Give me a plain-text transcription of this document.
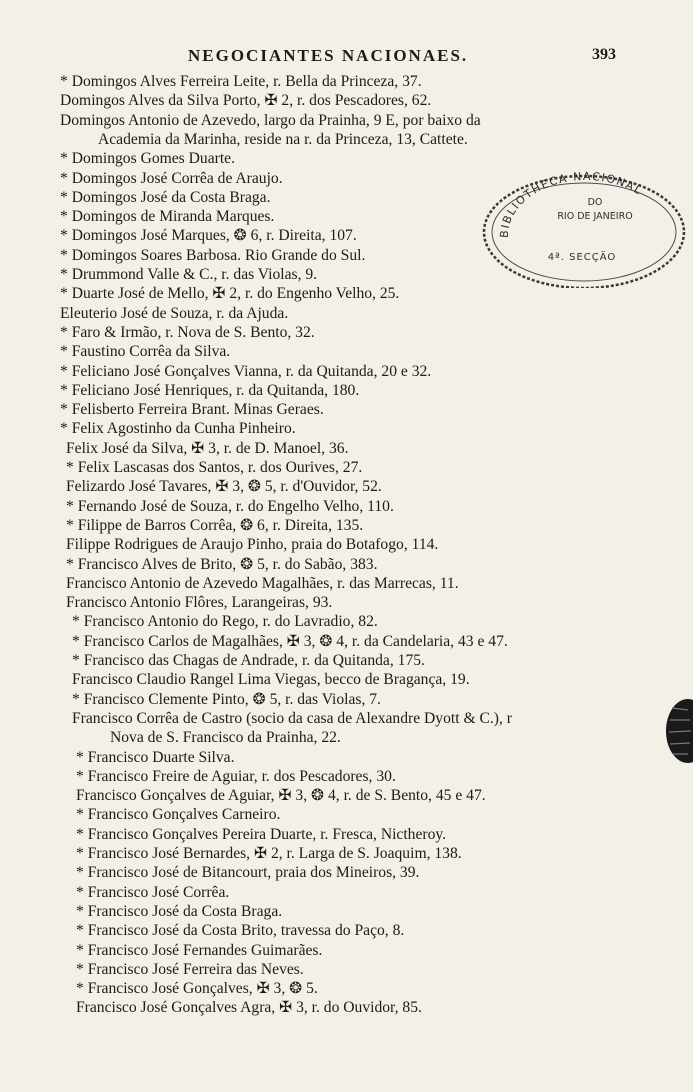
NEGOCIANTES NACIONAES.	393
* Domingos Alves Ferreira Leite, r. Bella da Princeza, 37.
Domingos Alves da Silva Porto, ✠ 2, r. dos Pescadores, 62.
Domingos Antonio de Azevedo, largo da Prainha, 9 E, por baixo da
Academia da Marinha, reside na r. da Princeza, 13, Cattete.
* Domingos Gomes Duarte.
* Domingos José Corrêa de Araujo.
* Domingos José da Costa Braga.
* Domingos de Miranda Marques.
* Domingos José Marques, ❂ 6, r. Direita, 107.
* Domingos Soares Barbosa. Rio Grande do Sul.
* Drummond Valle & C., r. das Violas, 9.
* Duarte José de Mello, ✠ 2, r. do Engenho Velho, 25.
Eleuterio José de Souza, r. da Ajuda.
* Faro & Irmão, r. Nova de S. Bento, 32.
* Faustino Corrêa da Silva.
* Feliciano José Gonçalves Vianna, r. da Quitanda, 20 e 32.
* Feliciano José Henriques, r. da Quitanda, 180.
* Felisberto Ferreira Brant. Minas Geraes.
* Felix Agostinho da Cunha Pinheiro.
Felix José da Silva, ✠ 3, r. de D. Manoel, 36.
* Felix Lascasas dos Santos, r. dos Ourives, 27.
Felizardo José Tavares, ✠ 3, ❂ 5, r. d'Ouvidor, 52.
* Fernando José de Souza, r. do Engelho Velho, 110.
* Filippe de Barros Corrêa, ❂ 6, r. Direita, 135.
Filippe Rodrigues de Araujo Pinho, praia do Botafogo, 114.
* Francisco Alves de Brito, ❂ 5, r. do Sabão, 383.
Francisco Antonio de Azevedo Magalhães, r. das Marrecas, 11.
Francisco Antonio Flôres, Larangeiras, 93.
* Francisco Antonio do Rego, r. do Lavradio, 82.
* Francisco Carlos de Magalhães, ✠ 3, ❂ 4, r. da Candelaria, 43 e 47.
* Francisco das Chagas de Andrade, r. da Quitanda, 175.
Francisco Claudio Rangel Lima Viegas, becco de Bragança, 19.
* Francisco Clemente Pinto, ❂ 5, r. das Violas, 7.
Francisco Corrêa de Castro (socio da casa de Alexandre Dyott & C.), r
Nova de S. Francisco da Prainha, 22.
* Francisco Duarte Silva.
* Francisco Freire de Aguiar, r. dos Pescadores, 30.
Francisco Gonçalves de Aguiar, ✠ 3, ❂ 4, r. de S. Bento, 45 e 47.
* Francisco Gonçalves Carneiro.
* Francisco Gonçalves Pereira Duarte, r. Fresca, Nictheroy.
* Francisco José Bernardes, ✠ 2, r. Larga de S. Joaquim, 138.
* Francisco José de Bitancourt, praia dos Mineiros, 39.
* Francisco José Corrêa.
* Francisco José da Costa Braga.
* Francisco José da Costa Brito, travessa do Paço, 8.
* Francisco José Fernandes Guimarães.
* Francisco José Ferreira das Neves.
* Francisco José Gonçalves, ✠ 3, ❂ 5.
Francisco José Gonçalves Agra, ✠ 3, r. do Ouvidor, 85.
BIBLIOTHECA NACIONAL
DO
RIO DE JANEIRO
4ª. SECÇÃO
